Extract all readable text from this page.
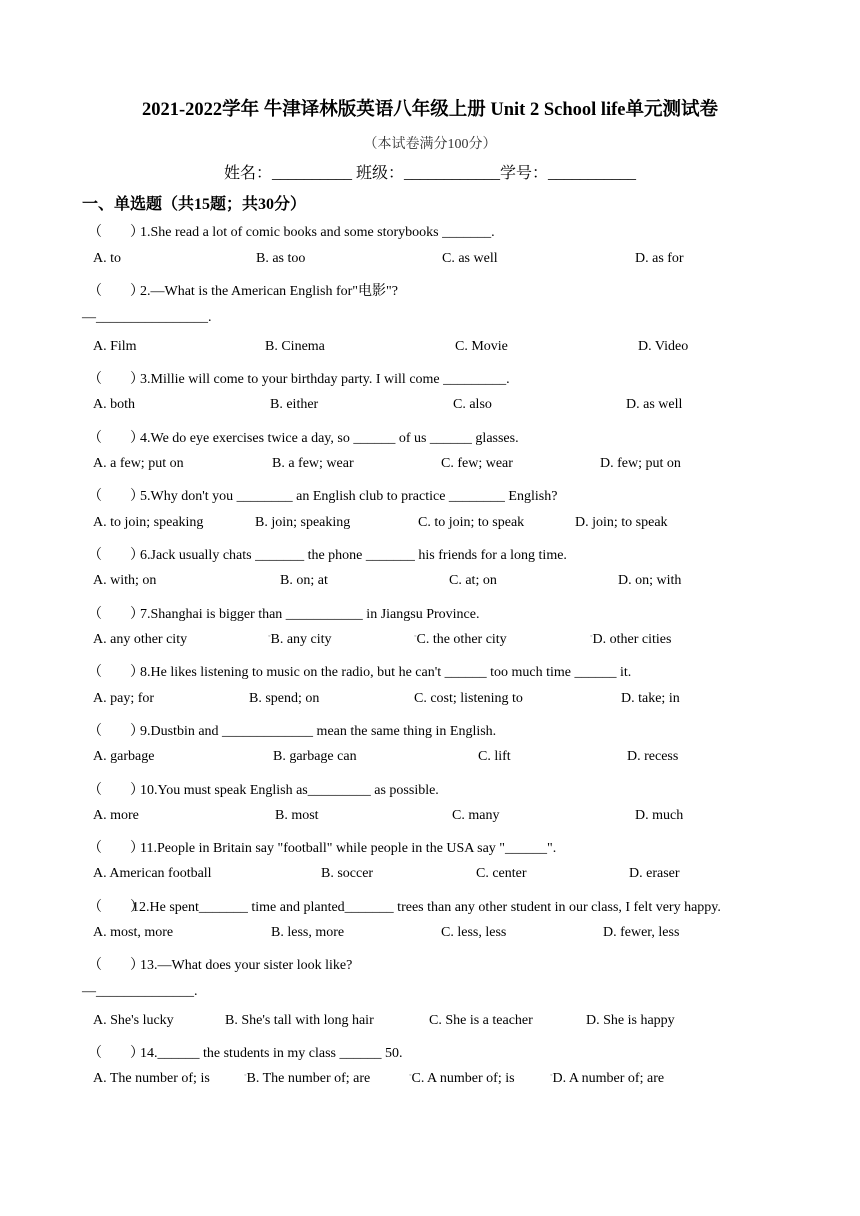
2021-2022学年 牛津译林版英语八年级上册 Unit 2 School life单元测试卷
（本试卷满分100分）
姓名：__________ 班级：____________学号：___________
一、单选题（共15题；共30分）
（　　）1.She read a lot of comic books and some storybooks _______.
A. to	B. as too	C. as well	D. as for
（　　）2.—What is the American English for"电影"?
—________________.
A. Film	B. Cinema	C. Movie	D. Video
（　　）3.Millie will come to your birthday party. I will come _________.
A. both	B. either	C. also	D. as well
（　　）4.We do eye exercises twice a day, so ______ of us ______ glasses.
A. a few; put on	B. a few; wear	C. few; wear	D. few; put on
（　　）5.Why don't you ________ an English club to practice ________ English?
A. to join; speaking	B. join; speaking	C. to join; to speak	D. join; to speak
（　　）6.Jack usually chats _______ the phone _______ his friends for a long time.
A. with; on	B. on; at	C. at; on	D. on; with
（　　）7.Shanghai is bigger than ___________ in Jiangsu Province.
A. any other city	◦B. any city	◦C. the other city	◦D. other cities
（　　）8.He likes listening to music on the radio, but he can't ______ too much time ______ it.
A. pay; for	B. spend; on	C. cost; listening to	D. take; in
（　　）9.Dustbin and _____________ mean the same thing in English.
A. garbage	B. garbage can	C. lift	D. recess
（　　）10.You must speak English as_________ as possible.
A. more	B. most	C. many	D. much
（　　）11.People in Britain say "football" while people in the USA say "______".
A. American football	B. soccer	C. center	D. eraser
（　　）12.He spent_______ time and planted_______ trees than any other student in our class, I felt very happy.
A. most, more	B. less, more	C. less, less	D. fewer, less
（　　）13.—What does your sister look like?
—______________.
A. She's lucky	B. She's tall with long hair	C. She is a teacher	D. She is happy
（　　）14.______ the students in my class ______ 50.
A. The number of; is	◦B. The number of; are	◦C. A number of; is	◦D. A number of; are
